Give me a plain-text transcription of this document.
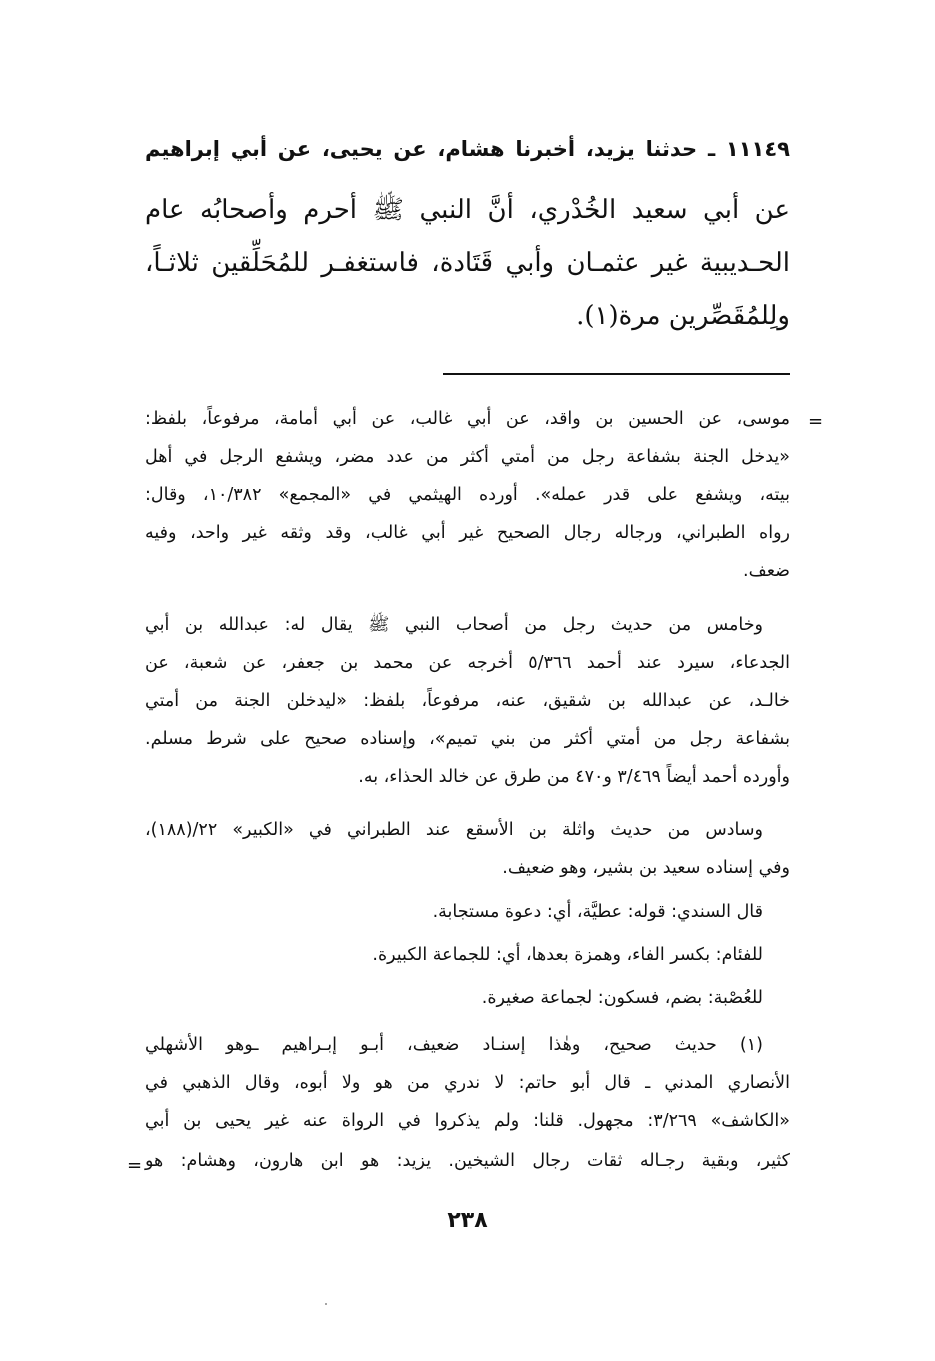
١١١٤٩ ـ حدثنا يزيد، أخبرنا هشام، عن يحيى، عن أبي إبراهيم
عن أبي سعيد الخُدْري، أنَّ النبي ﷺ أحرم وأصحابُه عام
الحـديبية غير عثمـان وأبي قَتَادة، فاستغفـر للمُحَلِّقين ثلاثـاً،
ولِلمُقَصِّرين مرة(١).
=
موسى، عن الحسين بن واقد، عن أبي غالب، عن أبي أمامة، مرفوعاً، بلفظ:
«يدخل الجنة بشفاعة رجل من أمتي أكثر من عدد مضر، ويشفع الرجل في أهل
بيته، ويشفع على قدر عمله». أورده الهيثمي في «المجمع» ١٠/٣٨٢، وقال:
رواه الطبراني، ورجاله رجال الصحيح غير أبي غالب، وقد وثقه غير واحد، وفيه
ضعف.
وخامس من حديث رجل من أصحاب النبي ﷺ يقال له: عبدالله بن أبي
الجدعاء، سيرد عند أحمد ٥/٣٦٦ أخرجه عن محمد بن جعفر، عن شعبة، عن
خالـد، عن عبدالله بن شقيق، عنه، مرفوعاً، بلفظ: «ليدخلن الجنة من أمتي
بشفاعة رجل من أمتي أكثر من بني تميم»، وإسناده صحيح على شرط مسلم.
وأورده أحمد أيضاً ٣/٤٦٩ و٤٧٠ من طرق عن خالد الحذاء، به.
وسادس من حديث واثلة بن الأسقع عند الطبراني في «الكبير» ٢٢/(١٨٨)،
وفي إسناده سعيد بن بشير، وهو ضعيف.
قال السندي: قوله: عطيَّة، أي: دعوة مستجابة.
للفئام: بكسر الفاء، وهمزة بعدها، أي: للجماعة الكبيرة.
للعُصْبة: بضم، فسكون: لجماعة صغيرة.
(١) حديث صحيح، وهٰذا إسنـاد ضعيف، أبـو إبـراهيم ـوهو الأشهلي
الأنصاري المدني ـ قال أبو حاتم: لا ندري من هو ولا أبوه، وقال الذهبي في
«الكاشف» ٣/٢٦٩: مجهول. قلنا: ولم يذكروا في الرواة عنه غير يحيى بن أبي
كثير، وبقية رجـاله ثقات رجال الشيخين. يزيد: هو ابن هارون، وهشام: هو
=
٢٣٨
